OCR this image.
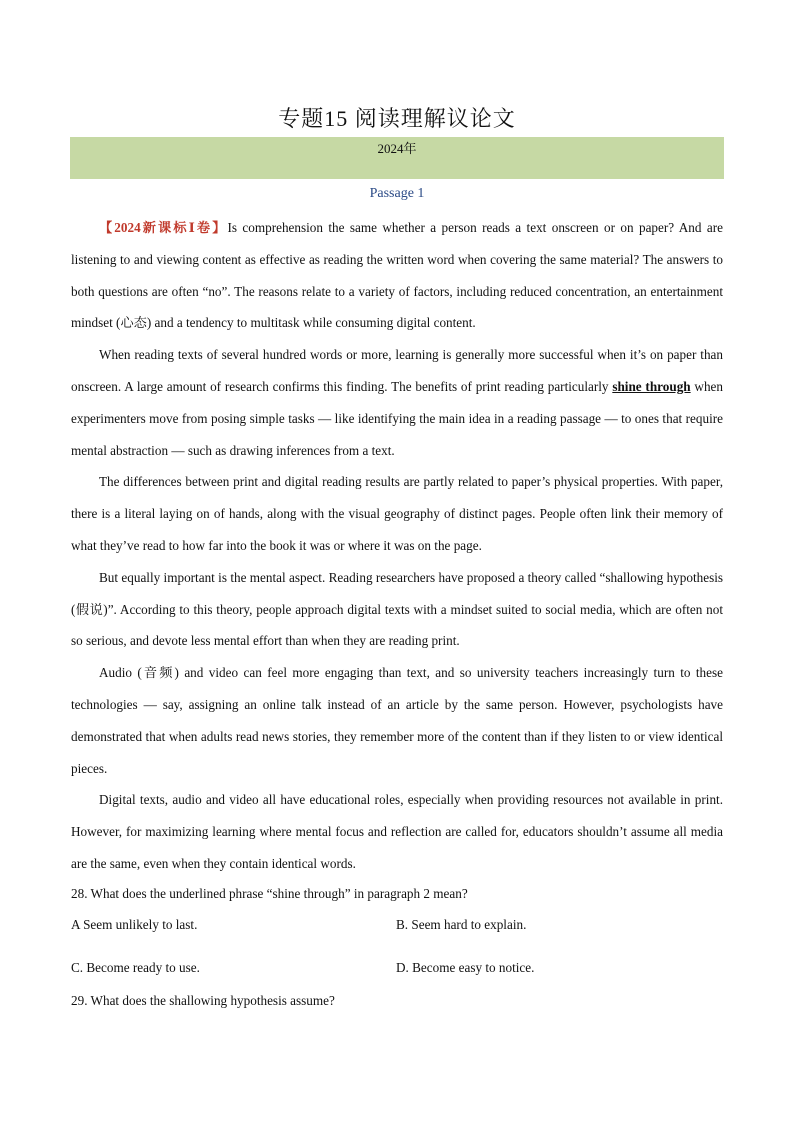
专题15 阅读理解议论文
2024年
Passage 1

【2024新课标Ⅰ卷】Is comprehension the same whether a person reads a text onscreen or on paper? And are listening to and viewing content as effective as reading the written word when covering the same material? The answers to both questions are often “no”. The reasons relate to a variety of factors, including reduced concentration, an entertainment mindset (心态) and a tendency to multitask while consuming digital content.

When reading texts of several hundred words or more, learning is generally more successful when it’s on paper than onscreen. A large amount of research confirms this finding. The benefits of print reading particularly shine through when experimenters move from posing simple tasks — like identifying the main idea in a reading passage — to ones that require mental abstraction — such as drawing inferences from a text.

The differences between print and digital reading results are partly related to paper’s physical properties. With paper, there is a literal laying on of hands, along with the visual geography of distinct pages. People often link their memory of what they’ve read to how far into the book it was or where it was on the page.

But equally important is the mental aspect. Reading researchers have proposed a theory called “shallowing hypothesis (假说)”. According to this theory, people approach digital texts with a mindset suited to social media, which are often not so serious, and devote less mental effort than when they are reading print.

Audio (音频) and video can feel more engaging than text, and so university teachers increasingly turn to these technologies — say, assigning an online talk instead of an article by the same person. However, psychologists have demonstrated that when adults read news stories, they remember more of the content than if they listen to or view identical pieces.

Digital texts, audio and video all have educational roles, especially when providing resources not available in print. However, for maximizing learning where mental focus and reflection are called for, educators shouldn’t assume all media are the same, even when they contain identical words.

28. What does the underlined phrase “shine through” in paragraph 2 mean?
A Seem unlikely to last.	B. Seem hard to explain.
C. Become ready to use.	D. Become easy to notice.
29. What does the shallowing hypothesis assume?
